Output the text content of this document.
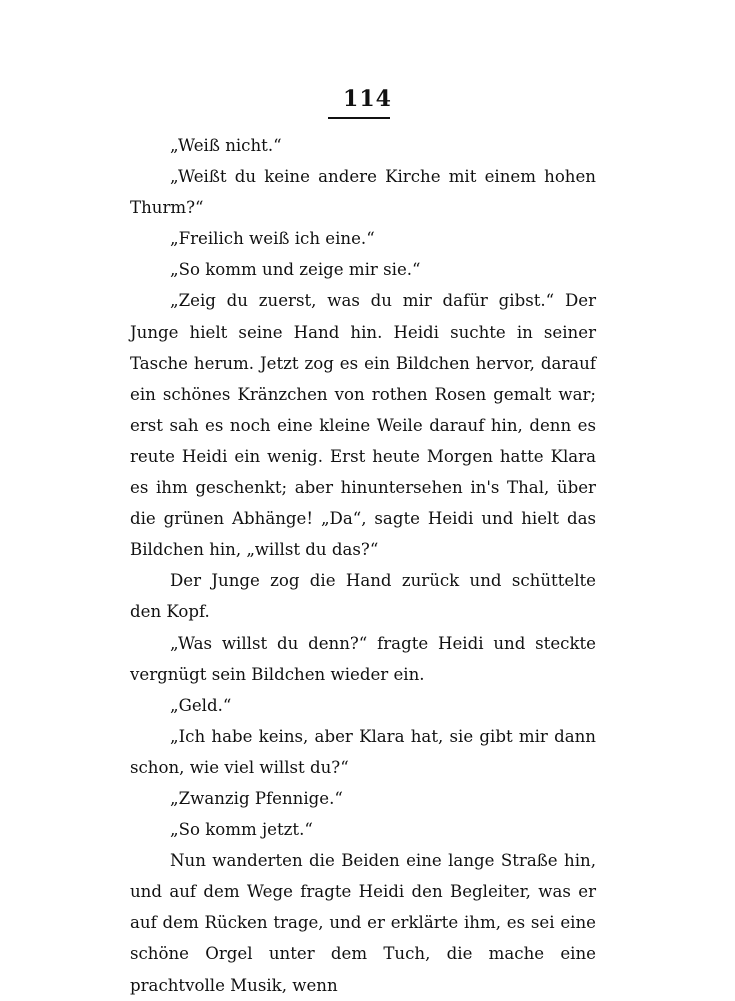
114

„Weiß nicht.“

„Weißt du keine andere Kirche mit einem hohen Thurm?“

„Freilich weiß ich eine.“

„So komm und zeige mir sie.“

„Zeig du zuerst, was du mir dafür gibst.“ Der Junge hielt seine Hand hin. Heidi suchte in seiner Tasche herum. Jetzt zog es ein Bildchen hervor, darauf ein schönes Kränzchen von rothen Rosen gemalt war; erst sah es noch eine kleine Weile darauf hin, denn es reute Heidi ein wenig. Erst heute Morgen hatte Klara es ihm geschenkt; aber hinuntersehen in's Thal, über die grünen Abhänge! „Da“, sagte Heidi und hielt das Bildchen hin, „willst du das?“

Der Junge zog die Hand zurück und schüttelte den Kopf.

„Was willst du denn?“ fragte Heidi und steckte vergnügt sein Bildchen wieder ein.

„Geld.“

„Ich habe keins, aber Klara hat, sie gibt mir dann schon, wie viel willst du?“

„Zwanzig Pfennige.“

„So komm jetzt.“

Nun wanderten die Beiden eine lange Straße hin, und auf dem Wege fragte Heidi den Begleiter, was er auf dem Rücken trage, und er erklärte ihm, es sei eine schöne Orgel unter dem Tuch, die mache eine prachtvolle Musik, wenn
